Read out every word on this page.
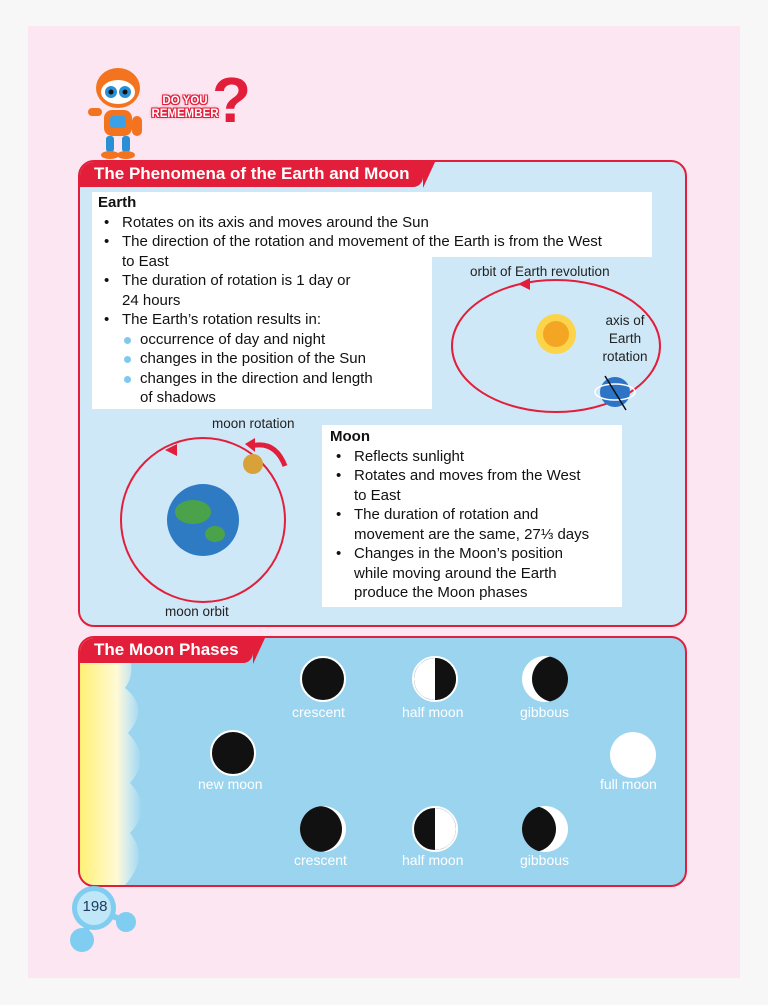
DO YOU
REMEMBER
?
The Phenomena of the Earth and Moon
Earth
• Rotates on its axis and moves around the Sun
• The direction of the rotation and movement of the Earth is from the West
to East
• The duration of rotation is 1 day or
24 hours
• The Earth’s rotation results in:
occurrence of day and night
changes in the position of the Sun
changes in the direction and length
of shadows
orbit of Earth revolution
axis of
Earth
rotation
moon rotation
moon orbit
Moon
• Reflects sunlight
• Rotates and moves from the West
to East
• The duration of rotation and
movement are the same, 27⅓ days
• Changes in the Moon’s position
while moving around the Earth
produce the Moon phases
The Moon Phases
crescent	half moon	gibbous
new moon	full moon
crescent	half moon	gibbous
198
